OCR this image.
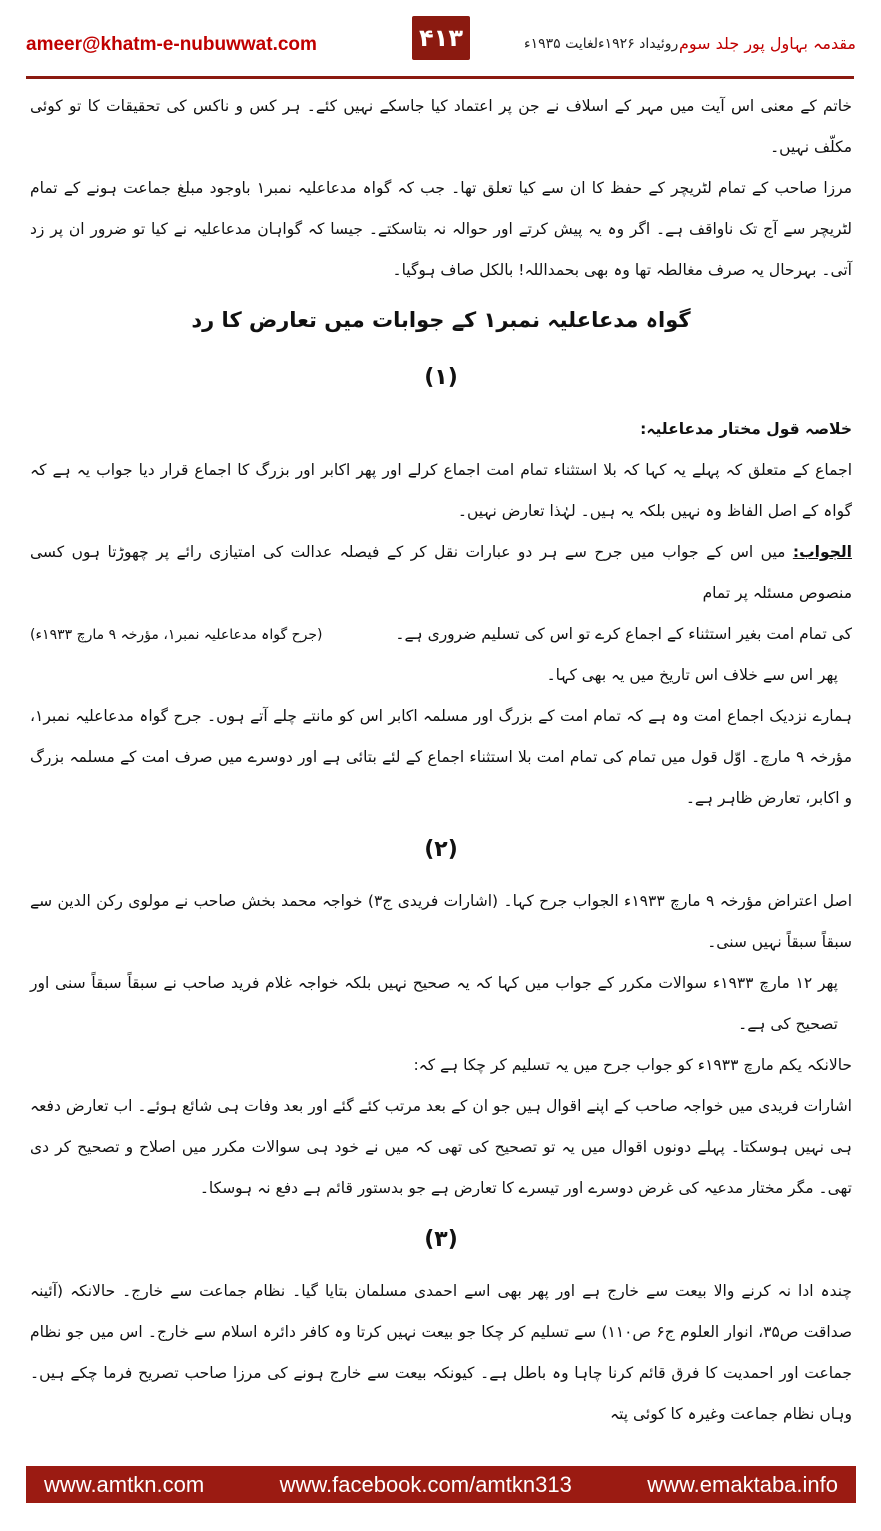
ameer@khatm-e-nubuwwat.com	۴۱۳	روئیداد ۱۹۲۶ءلغایت ۱۹۳۵ء مقدمہ بہاول پور جلد سوم

خاتم کے معنی اس آیت میں مہر کے اسلاف نے جن پر اعتماد کیا جاسکے نہیں کئے۔ ہر کس و ناکس کی تحقیقات کا تو کوئی مکلّف نہیں۔

مرزا صاحب کے تمام لٹریچر کے حفظ کا ان سے کیا تعلق تھا۔ جب کہ گواہ مدعاعلیہ نمبر۱ باوجود مبلغ جماعت ہونے کے تمام لٹریچر سے آج تک ناواقف ہے۔ اگر وہ یہ پیش کرتے اور حوالہ نہ بتاسکتے۔ جیسا کہ گواہان مدعاعلیہ نے کیا تو ضرور ان پر زد آتی۔ بہرحال یہ صرف مغالطہ تھا وہ بھی بحمداللہ! بالکل صاف ہوگیا۔

گواہ مدعاعلیہ نمبر۱ کے جوابات میں تعارض کا رد
(۱)

خلاصہ قول مختار مدعاعلیہ:

اجماع کے متعلق کہ پہلے یہ کہا کہ بلا استثناء تمام امت اجماع کرلے اور پھر اکابر اور بزرگ کا اجماع قرار دیا جواب یہ ہے کہ گواہ کے اصل الفاظ وہ نہیں بلکہ یہ ہیں۔ لہٰذا تعارض نہیں۔

الجواب: میں اس کے جواب میں جرح سے ہر دو عبارات نقل کر کے فیصلہ عدالت کی امتیازی رائے پر چھوڑتا ہوں کسی منصوص مسئلہ پر تمام

کی تمام امت بغیر استثناء کے اجماع کرے تو اس کی تسلیم ضروری ہے۔
(جرح گواہ مدعاعلیہ نمبر۱، مؤرخہ ۹ مارچ ۱۹۳۳ء)

پھر اس سے خلاف اس تاریخ میں یہ بھی کہا۔

ہمارے نزدیک اجماع امت وہ ہے کہ تمام امت کے بزرگ اور مسلمہ اکابر اس کو مانتے چلے آتے ہوں۔ جرح گواہ مدعاعلیہ نمبر۱، مؤرخہ ۹ مارچ۔ اوّل قول میں تمام کی تمام امت بلا استثناء اجماع کے لئے بتائی ہے اور دوسرے میں صرف امت کے مسلمہ بزرگ و اکابر، تعارض ظاہر ہے۔

(۲)

اصل اعتراض مؤرخہ ۹ مارچ ۱۹۳۳ء الجواب جرح کہا۔ (اشارات فریدی ج۳) خواجہ محمد بخش صاحب نے مولوی رکن الدین سے سبقاً سبقاً نہیں سنی۔

پھر ۱۲ مارچ ۱۹۳۳ء سوالات مکرر کے جواب میں کہا کہ یہ صحیح نہیں بلکہ خواجہ غلام فرید صاحب نے سبقاً سبقاً سنی اور تصحیح کی ہے۔

حالانکہ یکم مارچ ۱۹۳۳ء کو جواب جرح میں یہ تسلیم کر چکا ہے کہ:

اشارات فریدی میں خواجہ صاحب کے اپنے اقوال ہیں جو ان کے بعد مرتب کئے گئے اور بعد وفات ہی شائع ہوئے۔ اب تعارض دفعہ ہی نہیں ہوسکتا۔ پہلے دونوں اقوال میں یہ تو تصحیح کی تھی کہ میں نے خود ہی سوالات مکرر میں اصلاح و تصحیح کر دی تھی۔ مگر مختار مدعیہ کی غرض دوسرے اور تیسرے کا تعارض ہے جو بدستور قائم ہے دفع نہ ہوسکا۔

(۳)

چندہ ادا نہ کرنے والا بیعت سے خارج ہے اور پھر بھی اسے احمدی مسلمان بتایا گیا۔ نظام جماعت سے خارج۔ حالانکہ (آئینہ صداقت ص۳۵، انوار العلوم ج۶ ص۱۱۰) سے تسلیم کر چکا جو بیعت نہیں کرتا وہ کافر دائرہ اسلام سے خارج۔ اس میں جو نظام جماعت اور احمدیت کا فرق قائم کرنا چاہا وہ باطل ہے۔ کیونکہ بیعت سے خارج ہونے کی مرزا صاحب تصریح فرما چکے ہیں۔ وہاں نظام جماعت وغیرہ کا کوئی پتہ

www.amtkn.com	www.facebook.com/amtkn313	www.emaktaba.info
